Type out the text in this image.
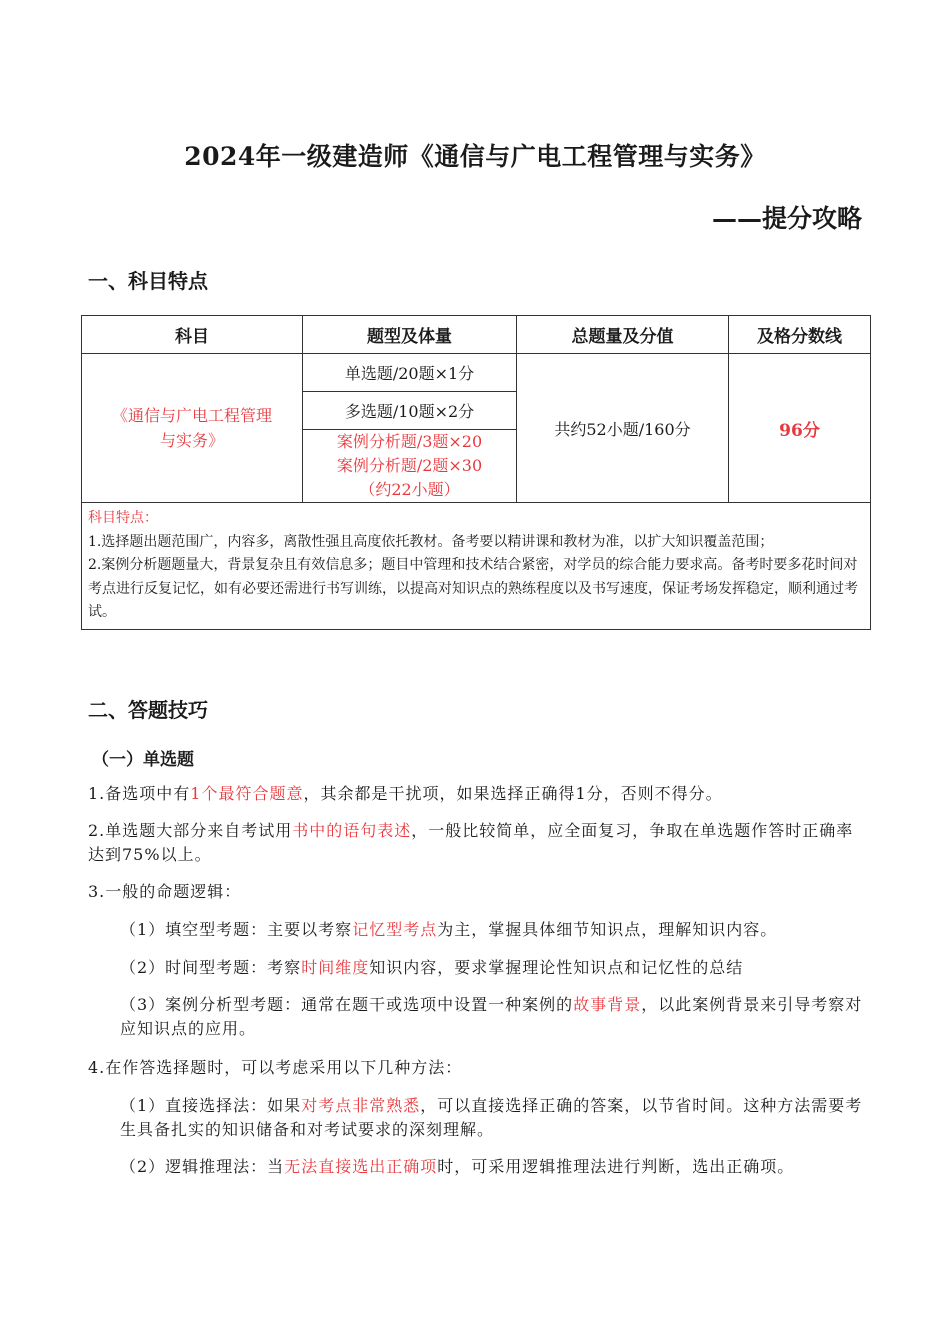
2024年一级建造师《通信与广电工程管理与实务》
——提分攻略
一、科目特点
科目	题型及体量	总题量及分值	及格分数线

《通信与广电工程管理
与实务》	单选题/20题×1分	共约52小题/160分	96分
	多选题/10题×2分		

	案例分析题/3题×20
案例分析题/2题×30
（约22小题）		

科目特点：
1.选择题出题范围广，内容多，离散性强且高度依托教材。备考要以精讲课和教材为准，以扩大知识覆盖范围；
2.案例分析题题量大，背景复杂且有效信息多；题目中管理和技术结合紧密，对学员的综合能力要求高。备考时要多花时间对考点进行反复记忆，如有必要还需进行书写训练，以提高对知识点的熟练程度以及书写速度，保证考场发挥稳定，顺利通过考试。			
二、答题技巧
（一）单选题
1.备选项中有1个最符合题意，其余都是干扰项，如果选择正确得1分，否则不得分。
2.单选题大部分来自考试用书中的语句表述，一般比较简单，应全面复习，争取在单选题作答时正确率达到75%以上。
3.一般的命题逻辑：
（1）填空型考题：主要以考察记忆型考点为主，掌握具体细节知识点，理解知识内容。
（2）时间型考题：考察时间维度知识内容，要求掌握理论性知识点和记忆性的总结
（3）案例分析型考题：通常在题干或选项中设置一种案例的故事背景，以此案例背景来引导考察对应知识点的应用。
4.在作答选择题时，可以考虑采用以下几种方法：
（1）直接选择法：如果对考点非常熟悉，可以直接选择正确的答案，以节省时间。这种方法需要考生具备扎实的知识储备和对考试要求的深刻理解。
（2）逻辑推理法：当无法直接选出正确项时，可采用逻辑推理法进行判断，选出正确项。
